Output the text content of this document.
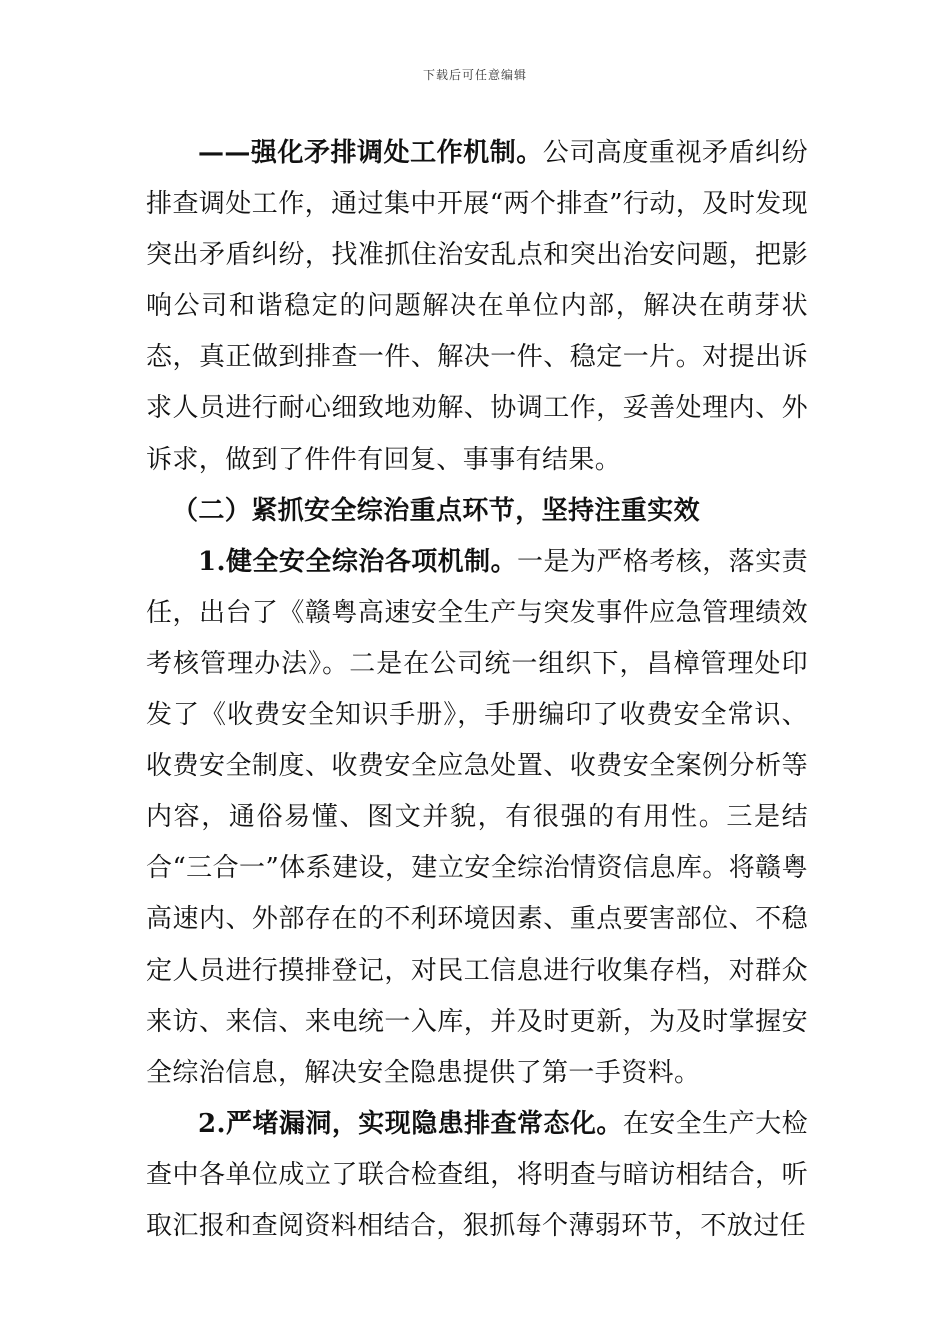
下载后可任意编辑

——强化矛排调处工作机制。公司高度重视矛盾纠纷排查调处工作，通过集中开展“两个排查”行动，及时发现突出矛盾纠纷，找准抓住治安乱点和突出治安问题，把影响公司和谐稳定的问题解决在单位内部，解决在萌芽状态，真正做到排查一件、解决一件、稳定一片。对提出诉求人员进行耐心细致地劝解、协调工作，妥善处理内、外诉求，做到了件件有回复、事事有结果。

（二）紧抓安全综治重点环节，坚持注重实效

1.健全安全综治各项机制。一是为严格考核，落实责任，出台了《赣粤高速安全生产与突发事件应急管理绩效考核管理办法》。二是在公司统一组织下，昌樟管理处印发了《收费安全知识手册》，手册编印了收费安全常识、收费安全制度、收费安全应急处置、收费安全案例分析等内容，通俗易懂、图文并貌，有很强的有用性。三是结合“三合一”体系建设，建立安全综治情资信息库。将赣粤高速内、外部存在的不利环境因素、重点要害部位、不稳定人员进行摸排登记，对民工信息进行收集存档，对群众来访、来信、来电统一入库，并及时更新，为及时掌握安全综治信息，解决安全隐患提供了第一手资料。

2.严堵漏洞，实现隐患排查常态化。在安全生产大检查中各单位成立了联合检查组，将明查与暗访相结合，听取汇报和查阅资料相结合，狠抓每个薄弱环节，不放过任
